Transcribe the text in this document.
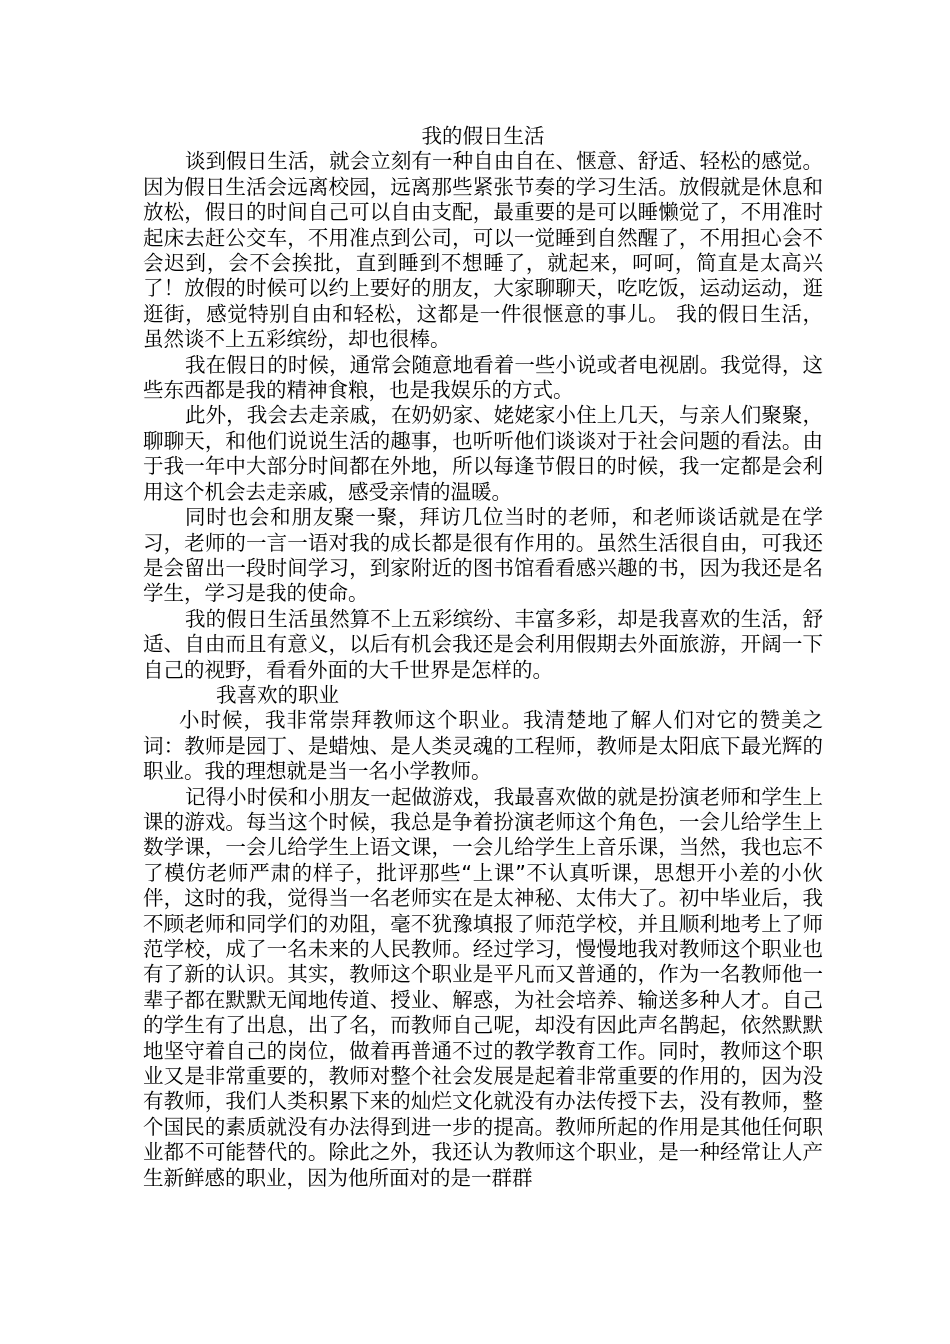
我的假日生活

谈到假日生活，就会立刻有一种自由自在、惬意、舒适、轻松的感觉。因为假日生活会远离校园，远离那些紧张节奏的学习生活。放假就是休息和放松，假日的时间自己可以自由支配，最重要的是可以睡懒觉了，不用准时起床去赶公交车，不用准点到公司，可以一觉睡到自然醒了，不用担心会不会迟到，会不会挨批，直到睡到不想睡了，就起来，呵呵，简直是太高兴了！放假的时候可以约上要好的朋友，大家聊聊天，吃吃饭，运动运动，逛逛街，感觉特别自由和轻松，这都是一件很惬意的事儿。 我的假日生活，虽然谈不上五彩缤纷，却也很棒。

我在假日的时候，通常会随意地看着一些小说或者电视剧。我觉得，这些东西都是我的精神食粮，也是我娱乐的方式。

此外，我会去走亲戚，在奶奶家、姥姥家小住上几天，与亲人们聚聚，聊聊天，和他们说说生活的趣事，也听听他们谈谈对于社会问题的看法。由于我一年中大部分时间都在外地，所以每逢节假日的时候，我一定都是会利用这个机会去走亲戚，感受亲情的温暖。

同时也会和朋友聚一聚，拜访几位当时的老师，和老师谈话就是在学习，老师的一言一语对我的成长都是很有作用的。虽然生活很自由，可我还是会留出一段时间学习，到家附近的图书馆看看感兴趣的书，因为我还是名学生，学习是我的使命。

我的假日生活虽然算不上五彩缤纷、丰富多彩，却是我喜欢的生活，舒适、自由而且有意义，以后有机会我还是会利用假期去外面旅游，开阔一下自己的视野，看看外面的大千世界是怎样的。

我喜欢的职业

小时候，我非常崇拜教师这个职业。我清楚地了解人们对它的赞美之词：教师是园丁、是蜡烛、是人类灵魂的工程师，教师是太阳底下最光辉的职业。我的理想就是当一名小学教师。

记得小时侯和小朋友一起做游戏，我最喜欢做的就是扮演老师和学生上课的游戏。每当这个时候，我总是争着扮演老师这个角色，一会儿给学生上数学课，一会儿给学生上语文课，一会儿给学生上音乐课，当然，我也忘不了模仿老师严肃的样子，批评那些“上课”不认真听课，思想开小差的小伙伴，这时的我，觉得当一名老师实在是太神秘、太伟大了。初中毕业后，我不顾老师和同学们的劝阻，毫不犹豫填报了师范学校，并且顺利地考上了师范学校，成了一名未来的人民教师。经过学习，慢慢地我对教师这个职业也有了新的认识。其实，教师这个职业是平凡而又普通的，作为一名教师他一辈子都在默默无闻地传道、授业、解惑，为社会培养、输送多种人才。自己的学生有了出息，出了名，而教师自己呢，却没有因此声名鹊起，依然默默地坚守着自己的岗位，做着再普通不过的教学教育工作。同时，教师这个职业又是非常重要的，教师对整个社会发展是起着非常重要的作用的，因为没有教师，我们人类积累下来的灿烂文化就没有办法传授下去，没有教师，整个国民的素质就没有办法得到进一步的提高。教师所起的作用是其他任何职业都不可能替代的。除此之外，我还认为教师这个职业，是一种经常让人产生新鲜感的职业，因为他所面对的是一群群
